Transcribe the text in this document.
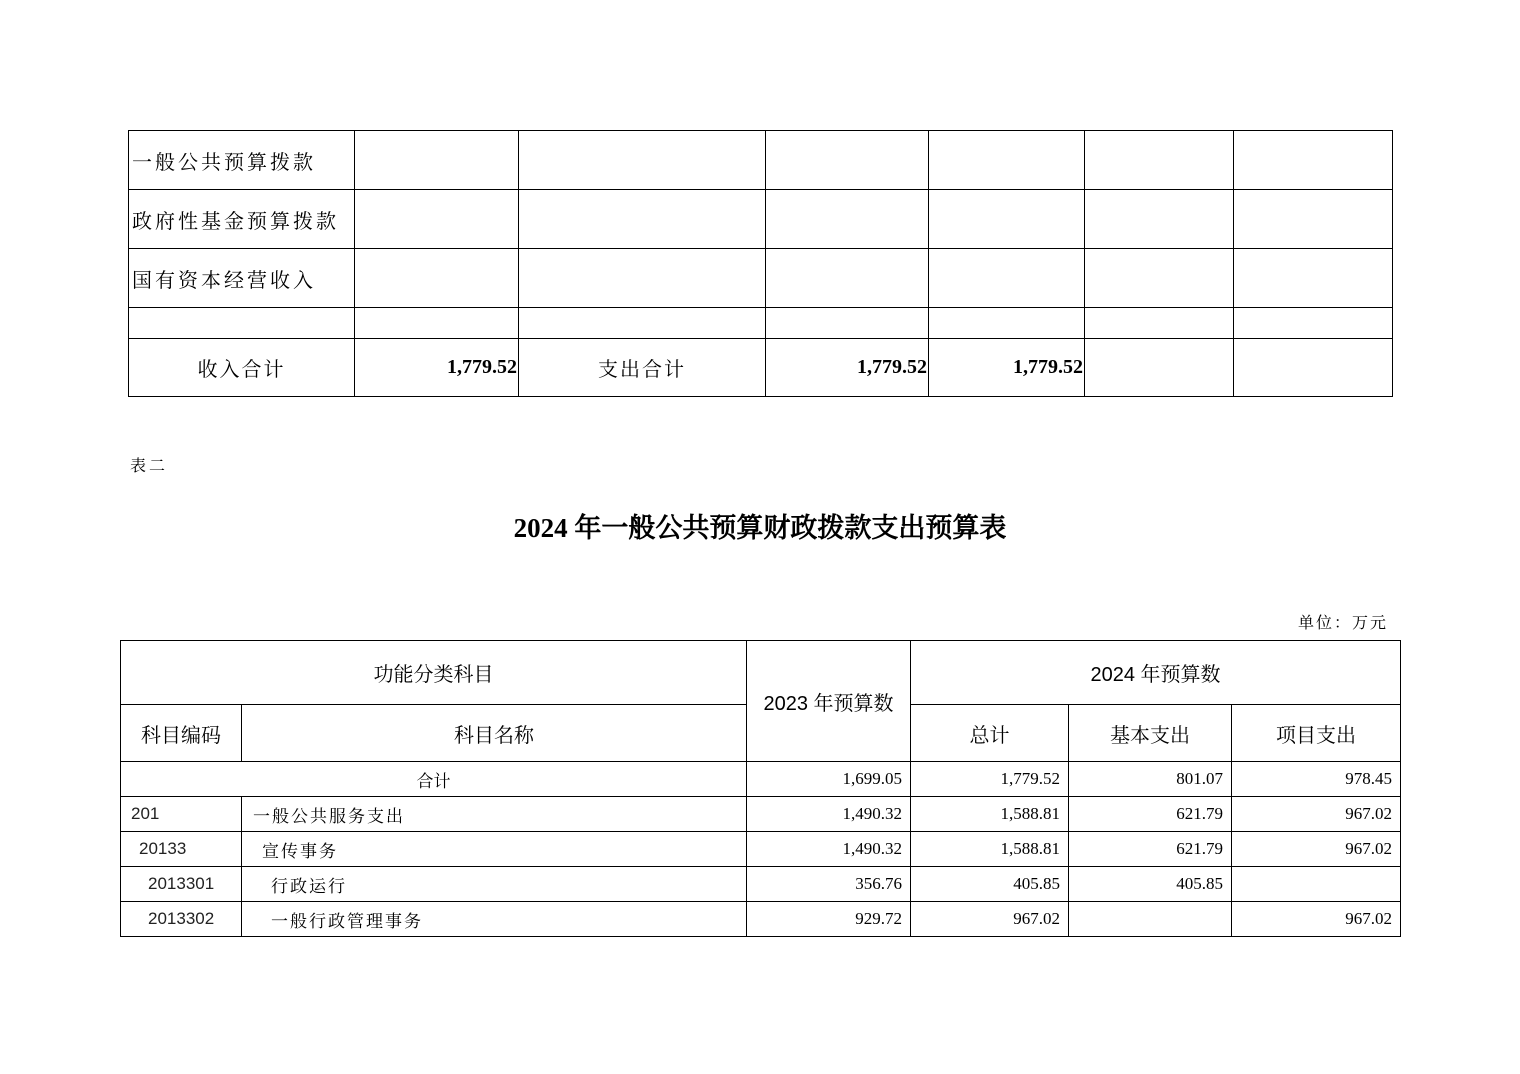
一般公共预算拨款						
政府性基金预算拨款						
国有资本经营收入						

收入合计	1,779.52	支出合计	1,779.52	1,779.52		
表二
2024 年一般公共预算财政拨款支出预算表
单位：万元
功能分类科目		2023 年预算数	2024 年预算数		
科目编码	科目名称		总计	基本支出	项目支出
合计		1,699.05	1,779.52	801.07	978.45
201	一般公共服务支出	1,490.32	1,588.81	621.79	967.02
20133	宣传事务	1,490.32	1,588.81	621.79	967.02
2013301	行政运行	356.76	405.85	405.85	
2013302	一般行政管理事务	929.72	967.02		967.02
